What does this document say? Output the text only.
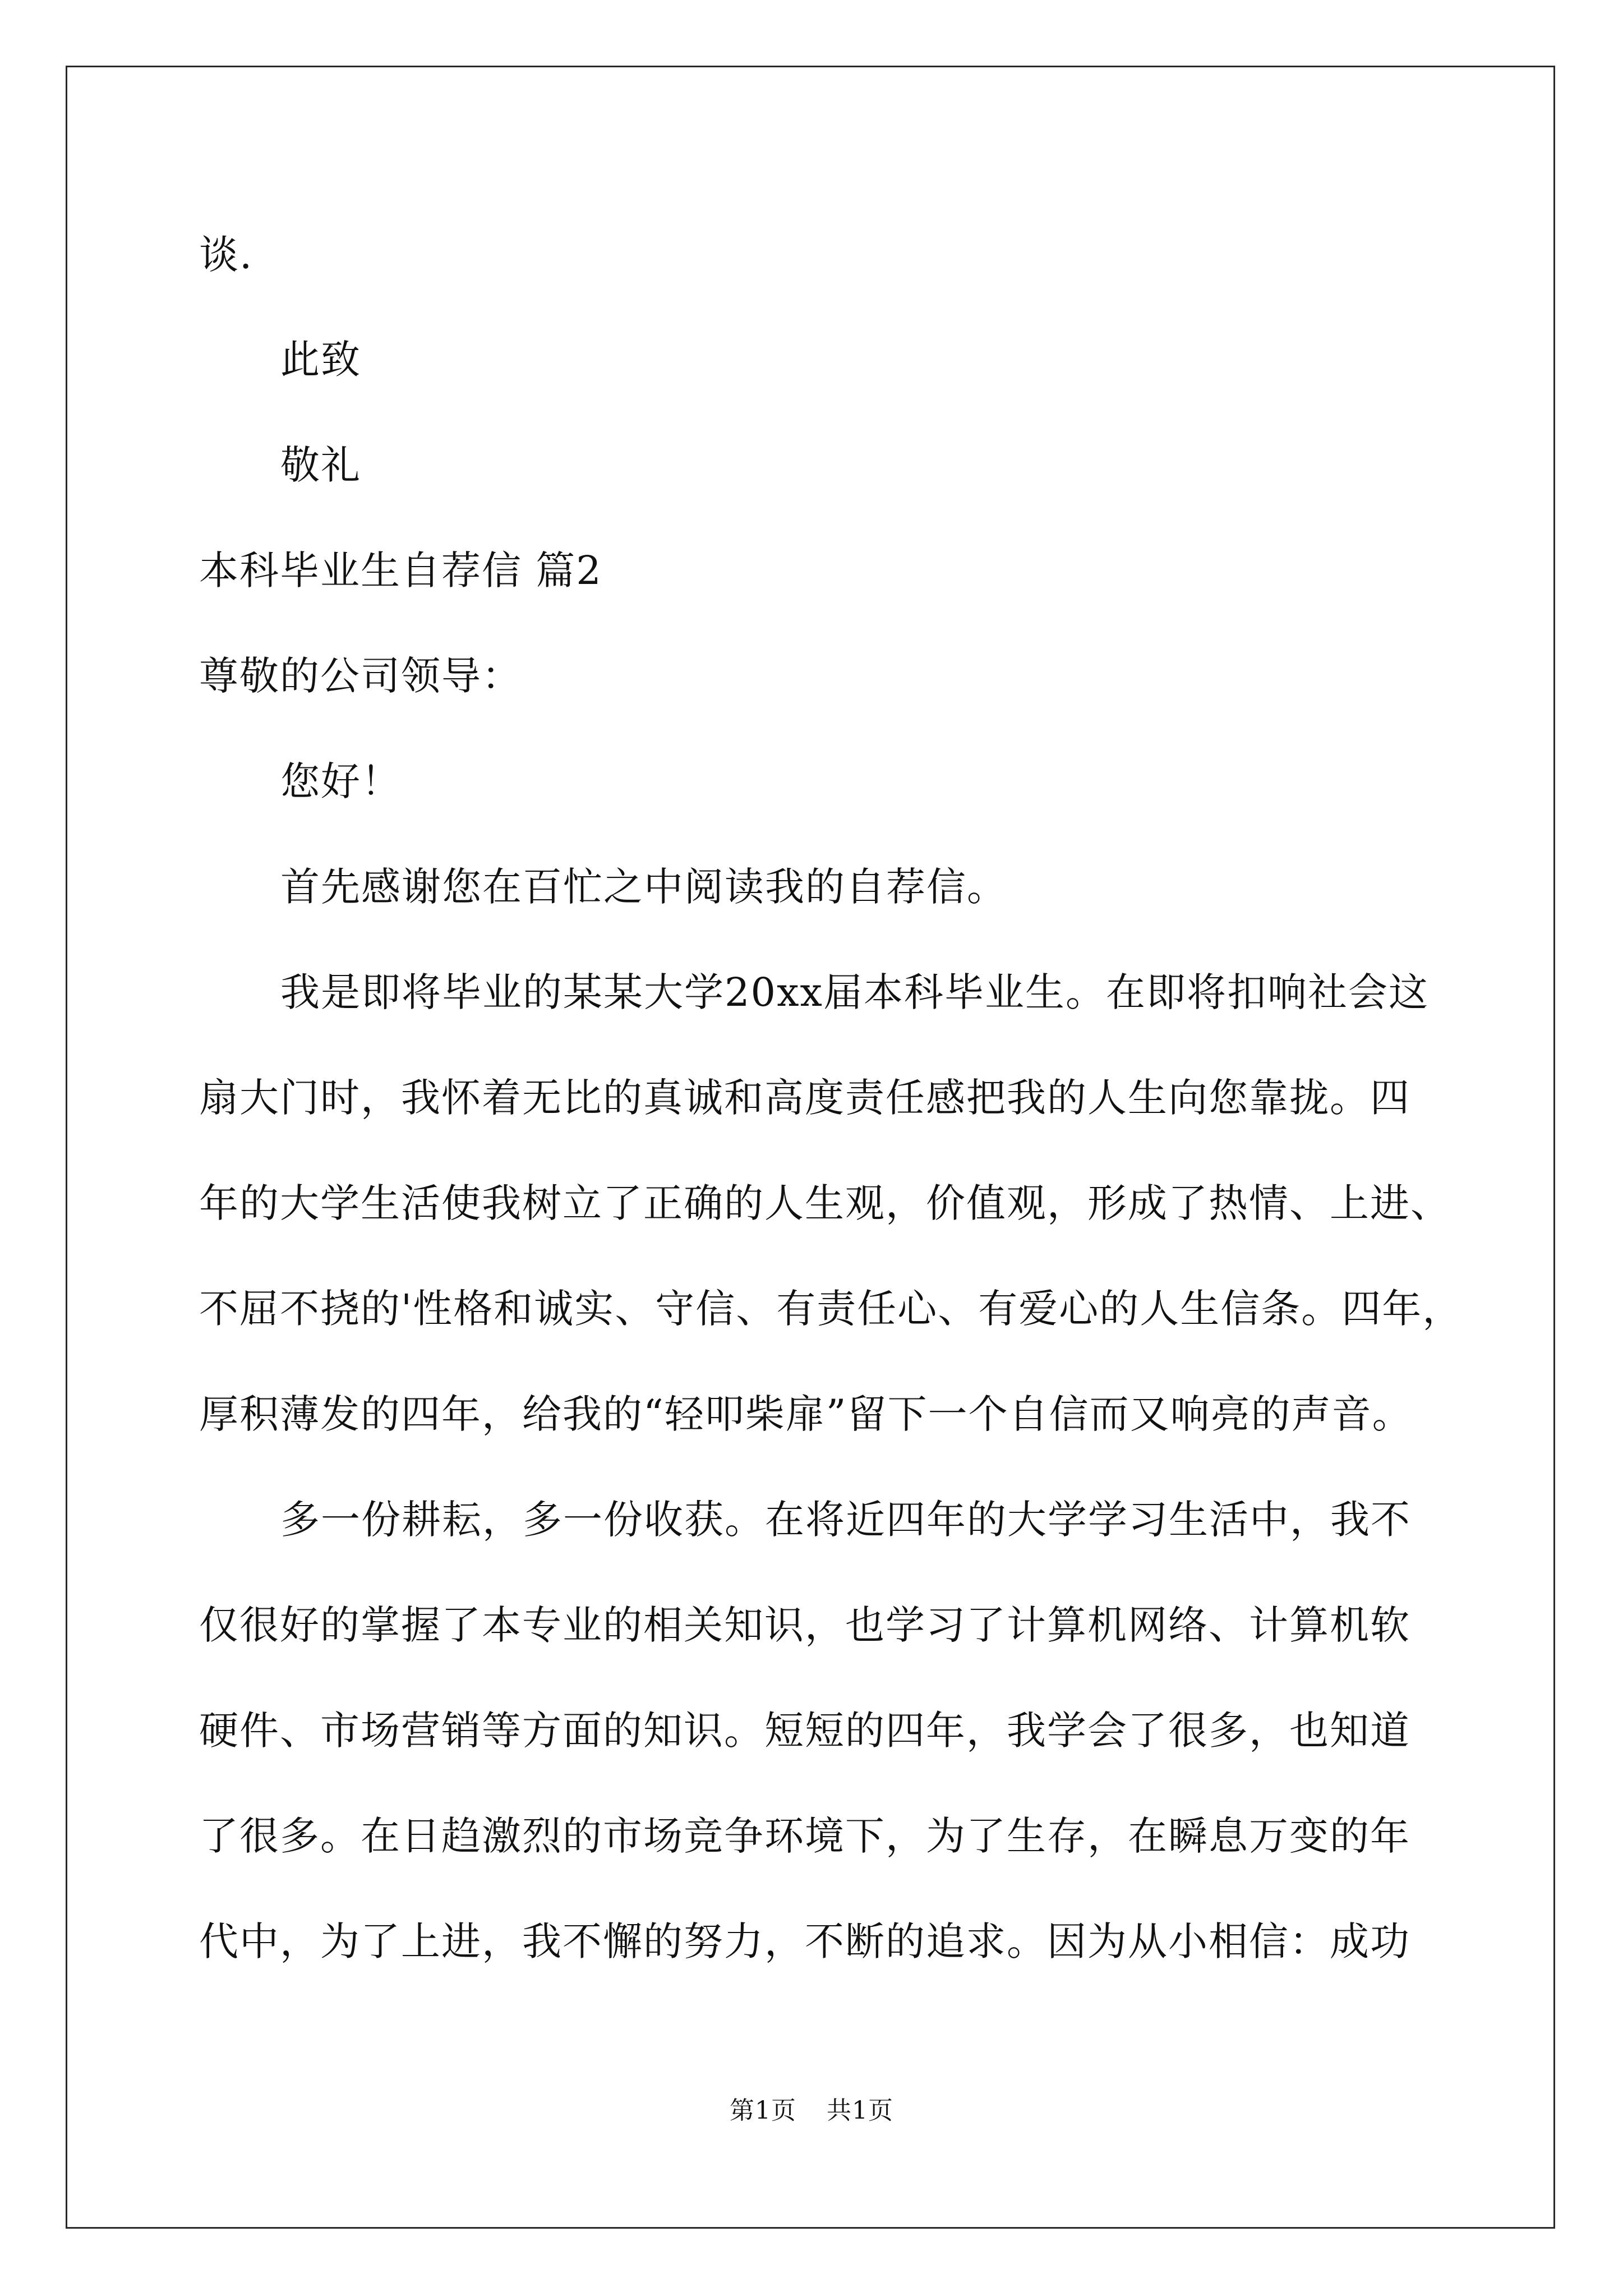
谈.
此致
敬礼
本科毕业生自荐信 篇2
尊敬的公司领导：
您好！
首先感谢您在百忙之中阅读我的自荐信。
我是即将毕业的某某大学20xx届本科毕业生。在即将扣响社会这
扇大门时，我怀着无比的真诚和高度责任感把我的人生向您靠拢。四
年的大学生活使我树立了正确的人生观，价值观，形成了热情、上进、
不屈不挠的'性格和诚实、守信、有责任心、有爱心的人生信条。四年，
厚积薄发的四年，给我的“轻叩柴扉”留下一个自信而又响亮的声音。
多一份耕耘，多一份收获。在将近四年的大学学习生活中，我不
仅很好的掌握了本专业的相关知识，也学习了计算机网络、计算机软
硬件、市场营销等方面的知识。短短的四年，我学会了很多，也知道
了很多。在日趋激烈的市场竞争环境下，为了生存，在瞬息万变的年
代中，为了上进，我不懈的努力，不断的追求。因为从小相信：成功
第1页 共1页
